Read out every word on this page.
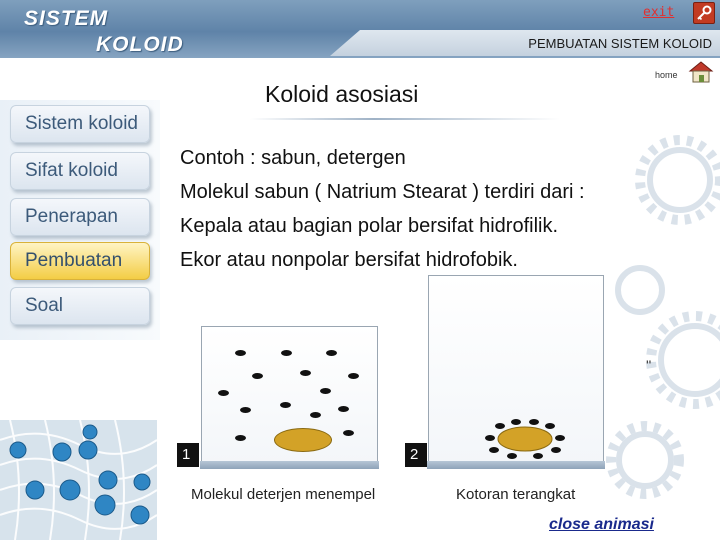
SISTEM
KOLOID
exit
PEMBUATAN SISTEM KOLOID
home
Koloid asosiasi
Sistem koloid
Sifat koloid
Penerapan
Pembuatan
Soal
Contoh : sabun, detergen
Molekul sabun ( Natrium Stearat ) terdiri dari :
Kepala atau bagian polar bersifat hidrofilik.
Ekor atau nonpolar bersifat hidrofobik.
1
Molekul deterjen menempel
2
Kotoran terangkat
''
close animasi
